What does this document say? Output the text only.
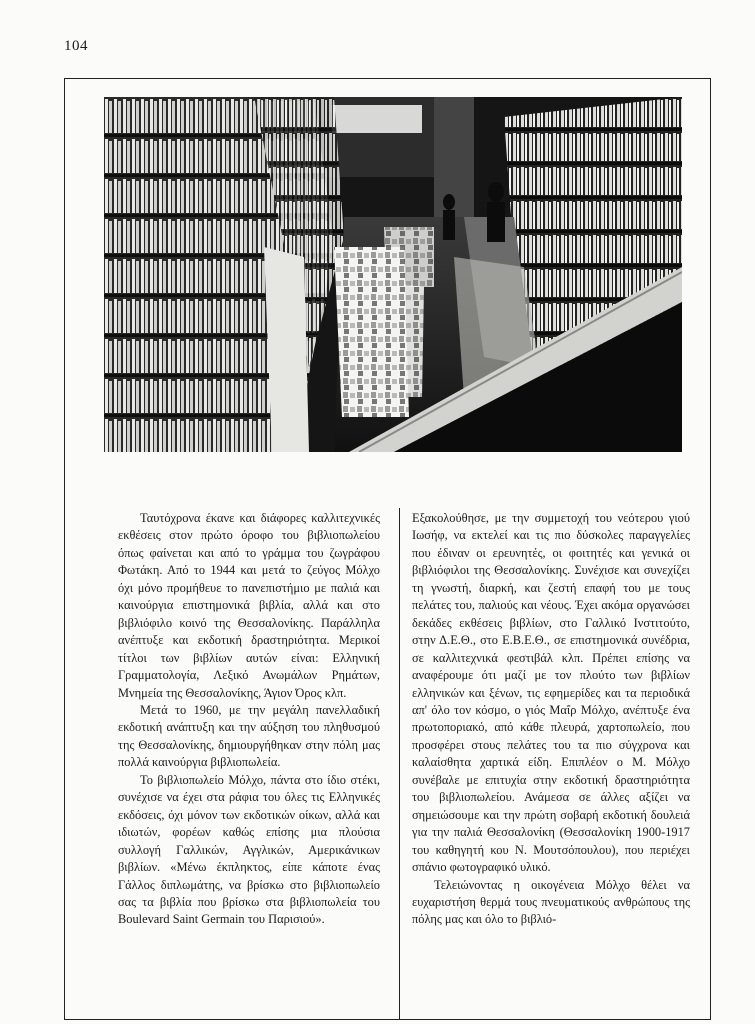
104

Ταυτόχρονα έκανε και διάφορες καλλιτεχνικές εκθέσεις στον πρώτο όροφο του βιβλιοπωλείου όπως φαίνεται και από το γράμμα του ζωγράφου Φωτάκη. Από το 1944 και μετά το ζεύγος Μόλχο όχι μόνο προμήθευε το πανεπιστήμιο με παλιά και καινούργια επιστημονικά βιβλία, αλλά και στο βιβλιόφιλο κοινό της Θεσσαλονίκης. Παράλληλα ανέπτυξε και εκδοτική δραστηριότητα. Μερικοί τίτλοι των βιβλίων αυτών είναι: Ελληνική Γραμματολογία, Λεξικό Ανωμάλων Ρημάτων, Μνημεία της Θεσσαλονίκης, Άγιον Όρος κλπ.

Μετά το 1960, με την μεγάλη πανελλαδική εκδοτική ανάπτυξη και την αύξηση του πληθυσμού της Θεσσαλονίκης, δημιουργήθηκαν στην πόλη μας πολλά καινούργια βιβλιοπωλεία.

Το βιβλιοπωλείο Μόλχο, πάντα στο ίδιο στέκι, συνέχισε να έχει στα ράφια του όλες τις Ελληνικές εκδόσεις, όχι μόνον των εκδοτικών οίκων, αλλά και ιδιωτών, φορέων καθώς επίσης μια πλούσια συλλογή Γαλλικών, Αγγλικών, Αμερικάνικων βιβλίων. «Μένω έκπληκτος, είπε κάποτε ένας Γάλλος διπλωμάτης, να βρίσκω στο βιβλιοπωλείο σας τα βιβλία που βρίσκω στα βιβλιοπωλεία του Boulevard Saint Germain του Παρισιού».

Εξακολούθησε, με την συμμετοχή του νεότερου γιού Ιωσήφ, να εκτελεί και τις πιο δύσκολες παραγγελίες που έδιναν οι ερευνητές, οι φοιτητές και γενικά οι βιβλιόφιλοι της Θεσσαλονίκης. Συνέχισε και συνεχίζει τη γνωστή, διαρκή, και ζεστή επαφή του με τους πελάτες του, παλιούς και νέους. Έχει ακόμα οργανώσει δεκάδες εκθέσεις βιβλίων, στο Γαλλικό Ινστιτούτο, στην Δ.Ε.Θ., στο Ε.Β.Ε.Θ., σε επιστημονικά συνέδρια, σε καλλιτεχνικά φεστιβάλ κλπ. Πρέπει επίσης να αναφέρουμε ότι μαζί με τον πλούτο των βιβλίων ελληνικών και ξένων, τις εφημερίδες και τα περιοδικά απ' όλο τον κόσμο, ο γιός Μαΐρ Μόλχο, ανέπτυξε ένα πρωτοποριακό, από κάθε πλευρά, χαρτοπωλείο, που προσφέρει στους πελάτες του τα πιο σύγχρονα και καλαίσθητα χαρτικά είδη. Επιπλέον ο Μ. Μόλχο συνέβαλε με επιτυχία στην εκδοτική δραστηριότητα του βιβλιοπωλείου. Ανάμεσα σε άλλες αξίζει να σημειώσουμε και την πρώτη σοβαρή εκδοτική δουλειά για την παλιά Θεσσαλονίκη (Θεσσαλονίκη 1900-1917 του καθηγητή κου Ν. Μουτσόπουλου), που περιέχει σπάνιο φωτογραφικό υλικό.

Τελειώνοντας η οικογένεια Μόλχο θέλει να ευχαριστήση θερμά τους πνευματικούς ανθρώπους της πόλης μας και όλο το βιβλιό-
